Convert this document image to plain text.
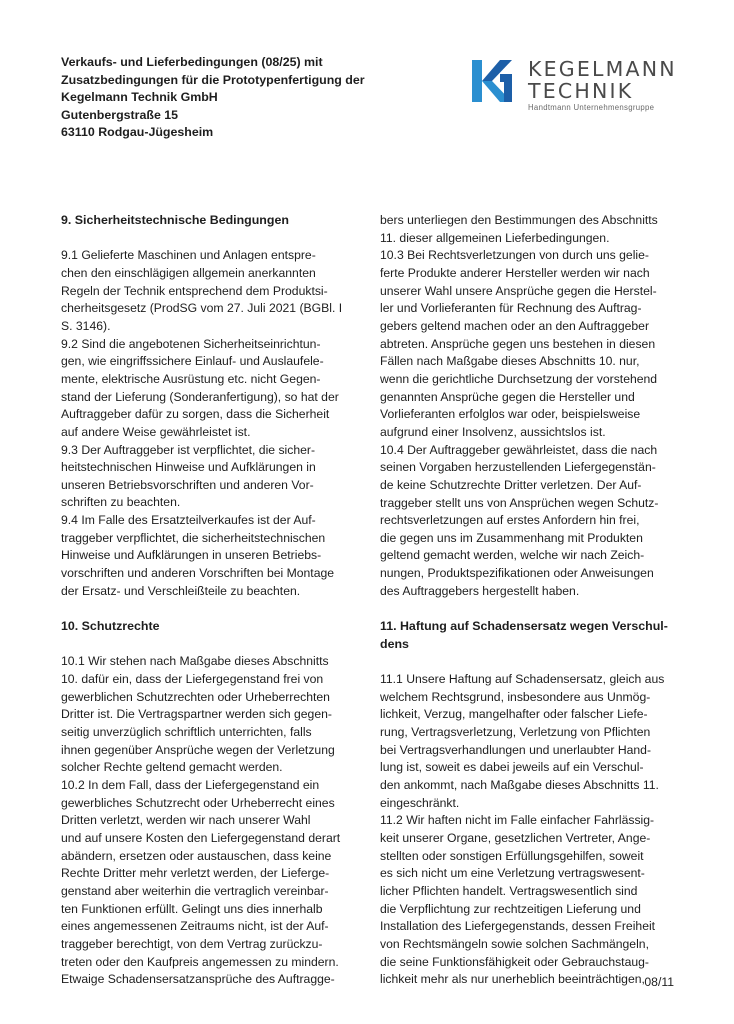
Verkaufs- und Lieferbedingungen (08/25) mit
Zusatzbedingungen für die Prototypenfertigung der
Kegelmann Technik GmbH
Gutenbergstraße 15
63110 Rodgau-Jügesheim
KEGELMANN
TECHNIK
Handtmann Unternehmensgruppe
9. Sicherheitstechnische Bedingungen

9.1 Gelieferte Maschinen und Anlagen entspre-
chen den einschlägigen allgemein anerkannten
Regeln der Technik entsprechend dem Produktsi-
cherheitsgesetz (ProdSG vom 27. Juli 2021 (BGBl. I
S. 3146).

9.2 Sind die angebotenen Sicherheitseinrichtun-
gen, wie eingriffssichere Einlauf- und Auslaufele-
mente, elektrische Ausrüstung etc. nicht Gegen-
stand der Lieferung (Sonderanfertigung), so hat der
Auftraggeber dafür zu sorgen, dass die Sicherheit
auf andere Weise gewährleistet ist.

9.3 Der Auftraggeber ist verpflichtet, die sicher-
heitstechnischen Hinweise und Aufklärungen in
unseren Betriebsvorschriften und anderen Vor-
schriften zu beachten.

9.4 Im Falle des Ersatzteilverkaufes ist der Auf-
traggeber verpflichtet, die sicherheitstechnischen
Hinweise und Aufklärungen in unseren Betriebs-
vorschriften und anderen Vorschriften bei Montage
der Ersatz- und Verschleißteile zu beachten.

10. Schutzrechte

10.1 Wir stehen nach Maßgabe dieses Abschnitts
10. dafür ein, dass der Liefergegenstand frei von
gewerblichen Schutzrechten oder Urheberrechten
Dritter ist. Die Vertragspartner werden sich gegen-
seitig unverzüglich schriftlich unterrichten, falls
ihnen gegenüber Ansprüche wegen der Verletzung
solcher Rechte geltend gemacht werden.

10.2 In dem Fall, dass der Liefergegenstand ein
gewerbliches Schutzrecht oder Urheberrecht eines
Dritten verletzt, werden wir nach unserer Wahl
und auf unsere Kosten den Liefergegenstand derart
abändern, ersetzen oder austauschen, dass keine
Rechte Dritter mehr verletzt werden, der Lieferge-
genstand aber weiterhin die vertraglich vereinbar-
ten Funktionen erfüllt. Gelingt uns dies innerhalb
eines angemessenen Zeitraums nicht, ist der Auf-
traggeber berechtigt, von dem Vertrag zurückzu-
treten oder den Kaufpreis angemessen zu mindern.
Etwaige Schadensersatzansprüche des Auftragge-

bers unterliegen den Bestimmungen des Abschnitts
11. dieser allgemeinen Lieferbedingungen.

10.3 Bei Rechtsverletzungen von durch uns gelie-
ferte Produkte anderer Hersteller werden wir nach
unserer Wahl unsere Ansprüche gegen die Herstel-
ler und Vorlieferanten für Rechnung des Auftrag-
gebers geltend machen oder an den Auftraggeber
abtreten. Ansprüche gegen uns bestehen in diesen
Fällen nach Maßgabe dieses Abschnitts 10. nur,
wenn die gerichtliche Durchsetzung der vorstehend
genannten Ansprüche gegen die Hersteller und
Vorlieferanten erfolglos war oder, beispielsweise
aufgrund einer Insolvenz, aussichtslos ist.

10.4 Der Auftraggeber gewährleistet, dass die nach
seinen Vorgaben herzustellenden Liefergegenstän-
de keine Schutzrechte Dritter verletzen. Der Auf-
traggeber stellt uns von Ansprüchen wegen Schutz-
rechtsverletzungen auf erstes Anfordern hin frei,
die gegen uns im Zusammenhang mit Produkten
geltend gemacht werden, welche wir nach Zeich-
nungen, Produktspezifikationen oder Anweisungen
des Auftraggebers hergestellt haben.

11. Haftung auf Schadensersatz wegen Verschul-
dens

11.1 Unsere Haftung auf Schadensersatz, gleich aus
welchem Rechtsgrund, insbesondere aus Unmög-
lichkeit, Verzug, mangelhafter oder falscher Liefe-
rung, Vertragsverletzung, Verletzung von Pflichten
bei Vertragsverhandlungen und unerlaubter Hand-
lung ist, soweit es dabei jeweils auf ein Verschul-
den ankommt, nach Maßgabe dieses Abschnitts 11.
eingeschränkt.

11.2 Wir haften nicht im Falle einfacher Fahrlässig-
keit unserer Organe, gesetzlichen Vertreter, Ange-
stellten oder sonstigen Erfüllungsgehilfen, soweit
es sich nicht um eine Verletzung vertragswesent-
licher Pflichten handelt. Vertragswesentlich sind
die Verpflichtung zur rechtzeitigen Lieferung und
Installation des Liefergegenstands, dessen Freiheit
von Rechtsmängeln sowie solchen Sachmängeln,
die seine Funktionsfähigkeit oder Gebrauchstaug-
lichkeit mehr als nur unerheblich beeinträchtigen, 08/11
